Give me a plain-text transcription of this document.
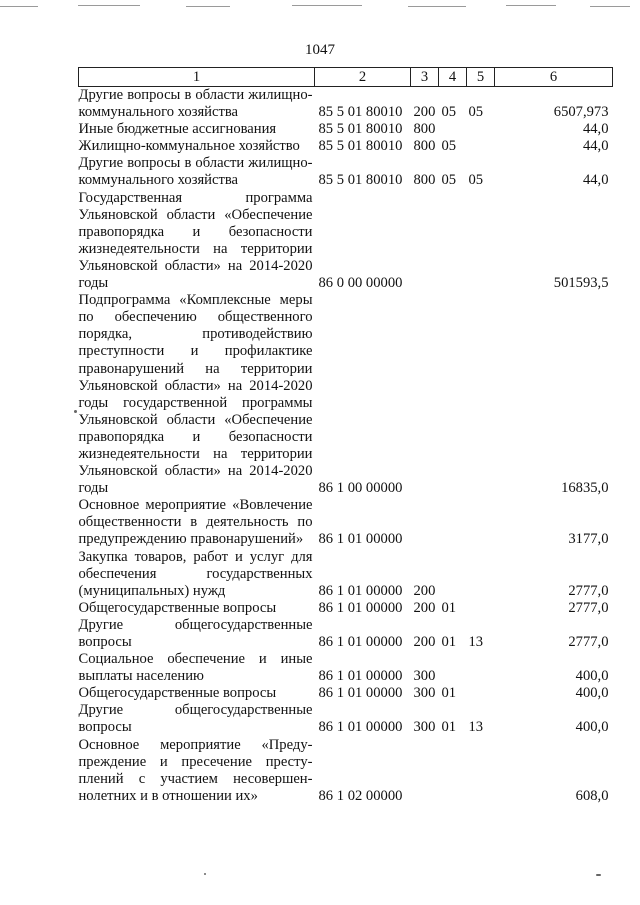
1047
1	2	3	4	5	6
Другие вопросы в области жилищно-коммунального хозяйства	85 5 01 80010	200	05	05	6507,973
Иные бюджетные ассигнования	85 5 01 80010	800			44,0
Жилищно-коммунальное хозяйство	85 5 01 80010	800	05		44,0
Другие вопросы в области жилищно-коммунального хозяйства	85 5 01 80010	800	05	05	44,0
Государственная программа Ульяновской области «Обеспечение правопорядка и безопасности жизнедеятельности на территории Ульяновской области» на 2014-2020 годы	86 0 00 00000				501593,5
Подпрограмма «Комплексные меры по обеспечению общественного порядка, противодействию преступности и профилактике правонарушений на территории Ульяновской области» на 2014-2020 годы государственной программы Ульяновской области «Обеспечение правопорядка и безопасности жизнедеятельности на территории Ульяновской области» на 2014-2020 годы	86 1 00 00000				16835,0
Основное мероприятие «Вовлечение общественности в деятельность по предупреждению правонарушений»	86 1 01 00000				3177,0
Закупка товаров, работ и услуг для обеспечения государственных (муниципальных) нужд	86 1 01 00000	200			2777,0
Общегосударственные вопросы	86 1 01 00000	200	01		2777,0
Другие общегосударственные вопросы	86 1 01 00000	200	01	13	2777,0
Социальное обеспечение и иные выплаты населению	86 1 01 00000	300			400,0
Общегосударственные вопросы	86 1 01 00000	300	01		400,0
Другие общегосударственные вопросы	86 1 01 00000	300	01	13	400,0
Основное мероприятие «Предупреждение и пресечение преступлений с участием несовершеннолетних и в отношении их»	86 1 02 00000				608,0
